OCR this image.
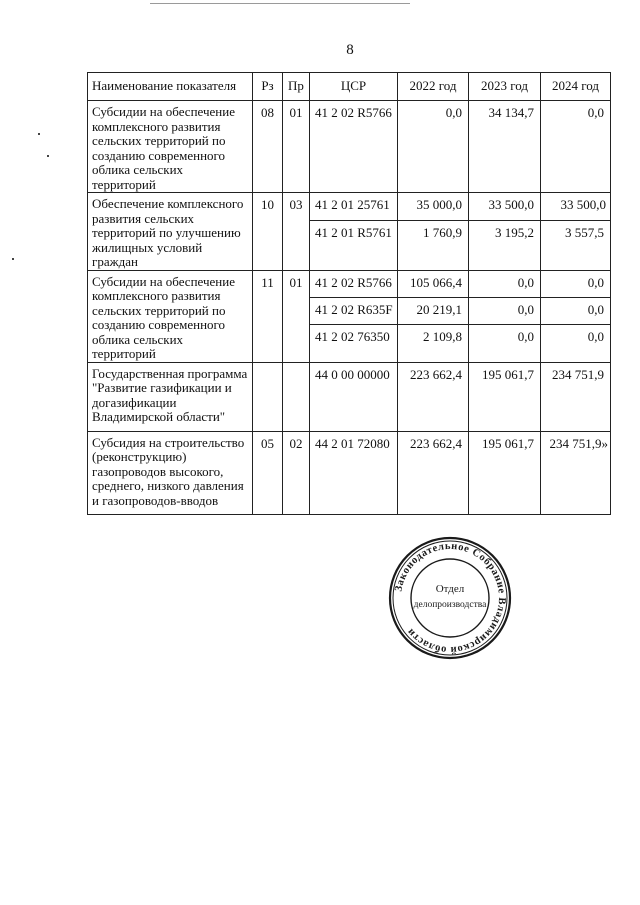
8
Наименование показателя	Рз	Пр	ЦСР	2022 год	2023 год	2024 год
Субсидии на обеспечение комплексного развития сельских территорий по созданию современного облика сельских территорий	08	01	41 2 02 R5766	0,0	34 134,7	0,0
Обеспечение комплексного развития сельских территорий по улучшению жилищных условий граждан	10	03	41 2 01 25761	35 000,0	33 500,0	33 500,0
			41 2 01 R5761	1 760,9	3 195,2	3 557,5
Субсидии на обеспечение комплексного развития сельских территорий по созданию современного облика сельских территорий	11	01	41 2 02 R5766	105 066,4	0,0	0,0
			41 2 02 R635F	20 219,1	0,0	0,0
			41 2 02 76350	2 109,8	0,0	0,0
Государственная программа "Развитие газификации и догазификации Владимирской области"			44 0 00 00000	223 662,4	195 061,7	234 751,9
Субсидия на строительство (реконструкцию) газопроводов высокого, среднего, низкого давления и газопроводов-вводов	05	02	44 2 01 72080	223 662,4	195 061,7	234 751,9»
Законодательное Собрание Владимирской области
Отдел
делопроизводства
